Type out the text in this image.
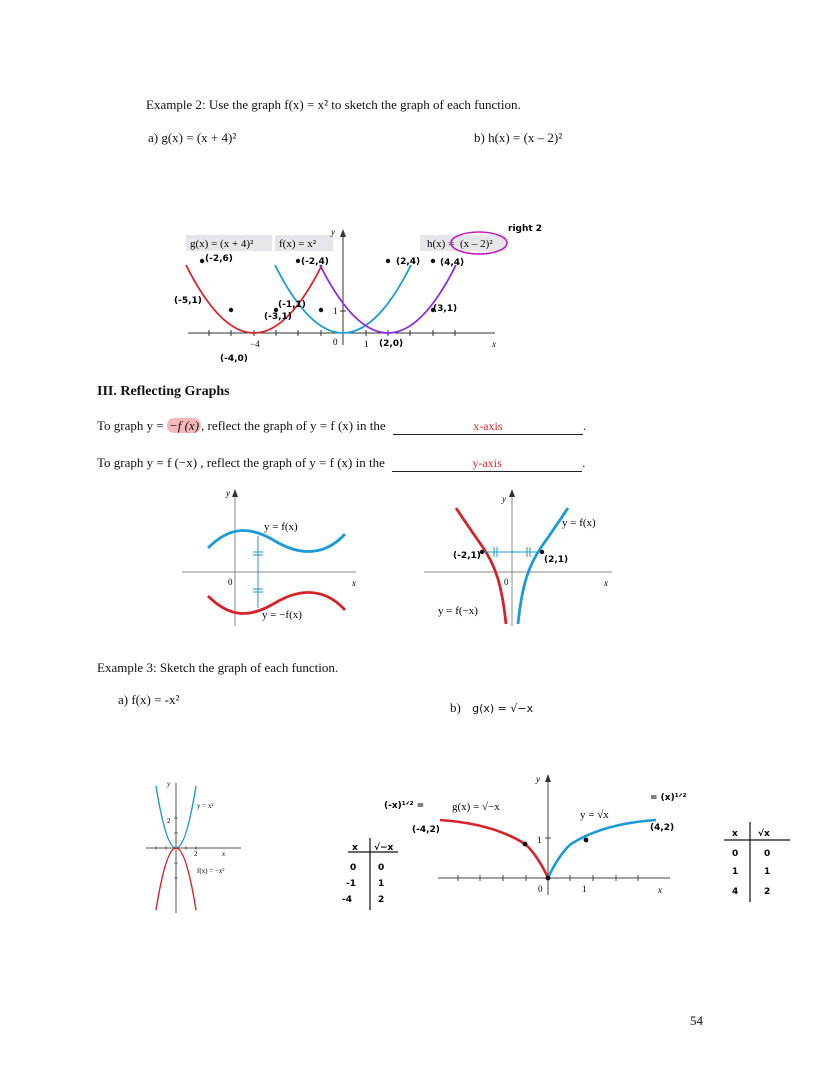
Example 2: Use the graph f(x) = x² to sketch the graph of each function.
a) g(x) = (x + 4)²	b) h(x) = (x – 2)²
g(x) = (x + 4)² f(x) = x²	h(x) = (x – 2)²
right 2
y
x
−4	0	1
1
(-2,6)	(-2,4)
(-5,1)	(-1,1)
(-3,1)
(2,4) (4,4)
(3,1)
(2,0)
(-4,0)
III. Reflecting Graphs
To graph y = −f (x) , reflect the graph of y = f (x) in the	x-axis	.
To graph y = f (−x) , reflect the graph of y = f (x) in the	y-axis	.
y
x
0
y = f(x)
y = −f(x)
y
x
0
(-2,1)	(2,1)
y = f(x)
y = f(−x)
Example 3: Sketch the graph of each function.
a) f(x) = -x²
b) g(x) = √−x
y = x²
f(x) = −x²
y
x
2
2
x √−x
0 0
-1 1
-4	2
y
x
0	1
1
g(x) = √−x
y = √x
(-x)¹ᐟ² =
= (x)¹ᐟ²
(-4,2)	(4,2)
x √x
0	0
1	1
4	2
54
